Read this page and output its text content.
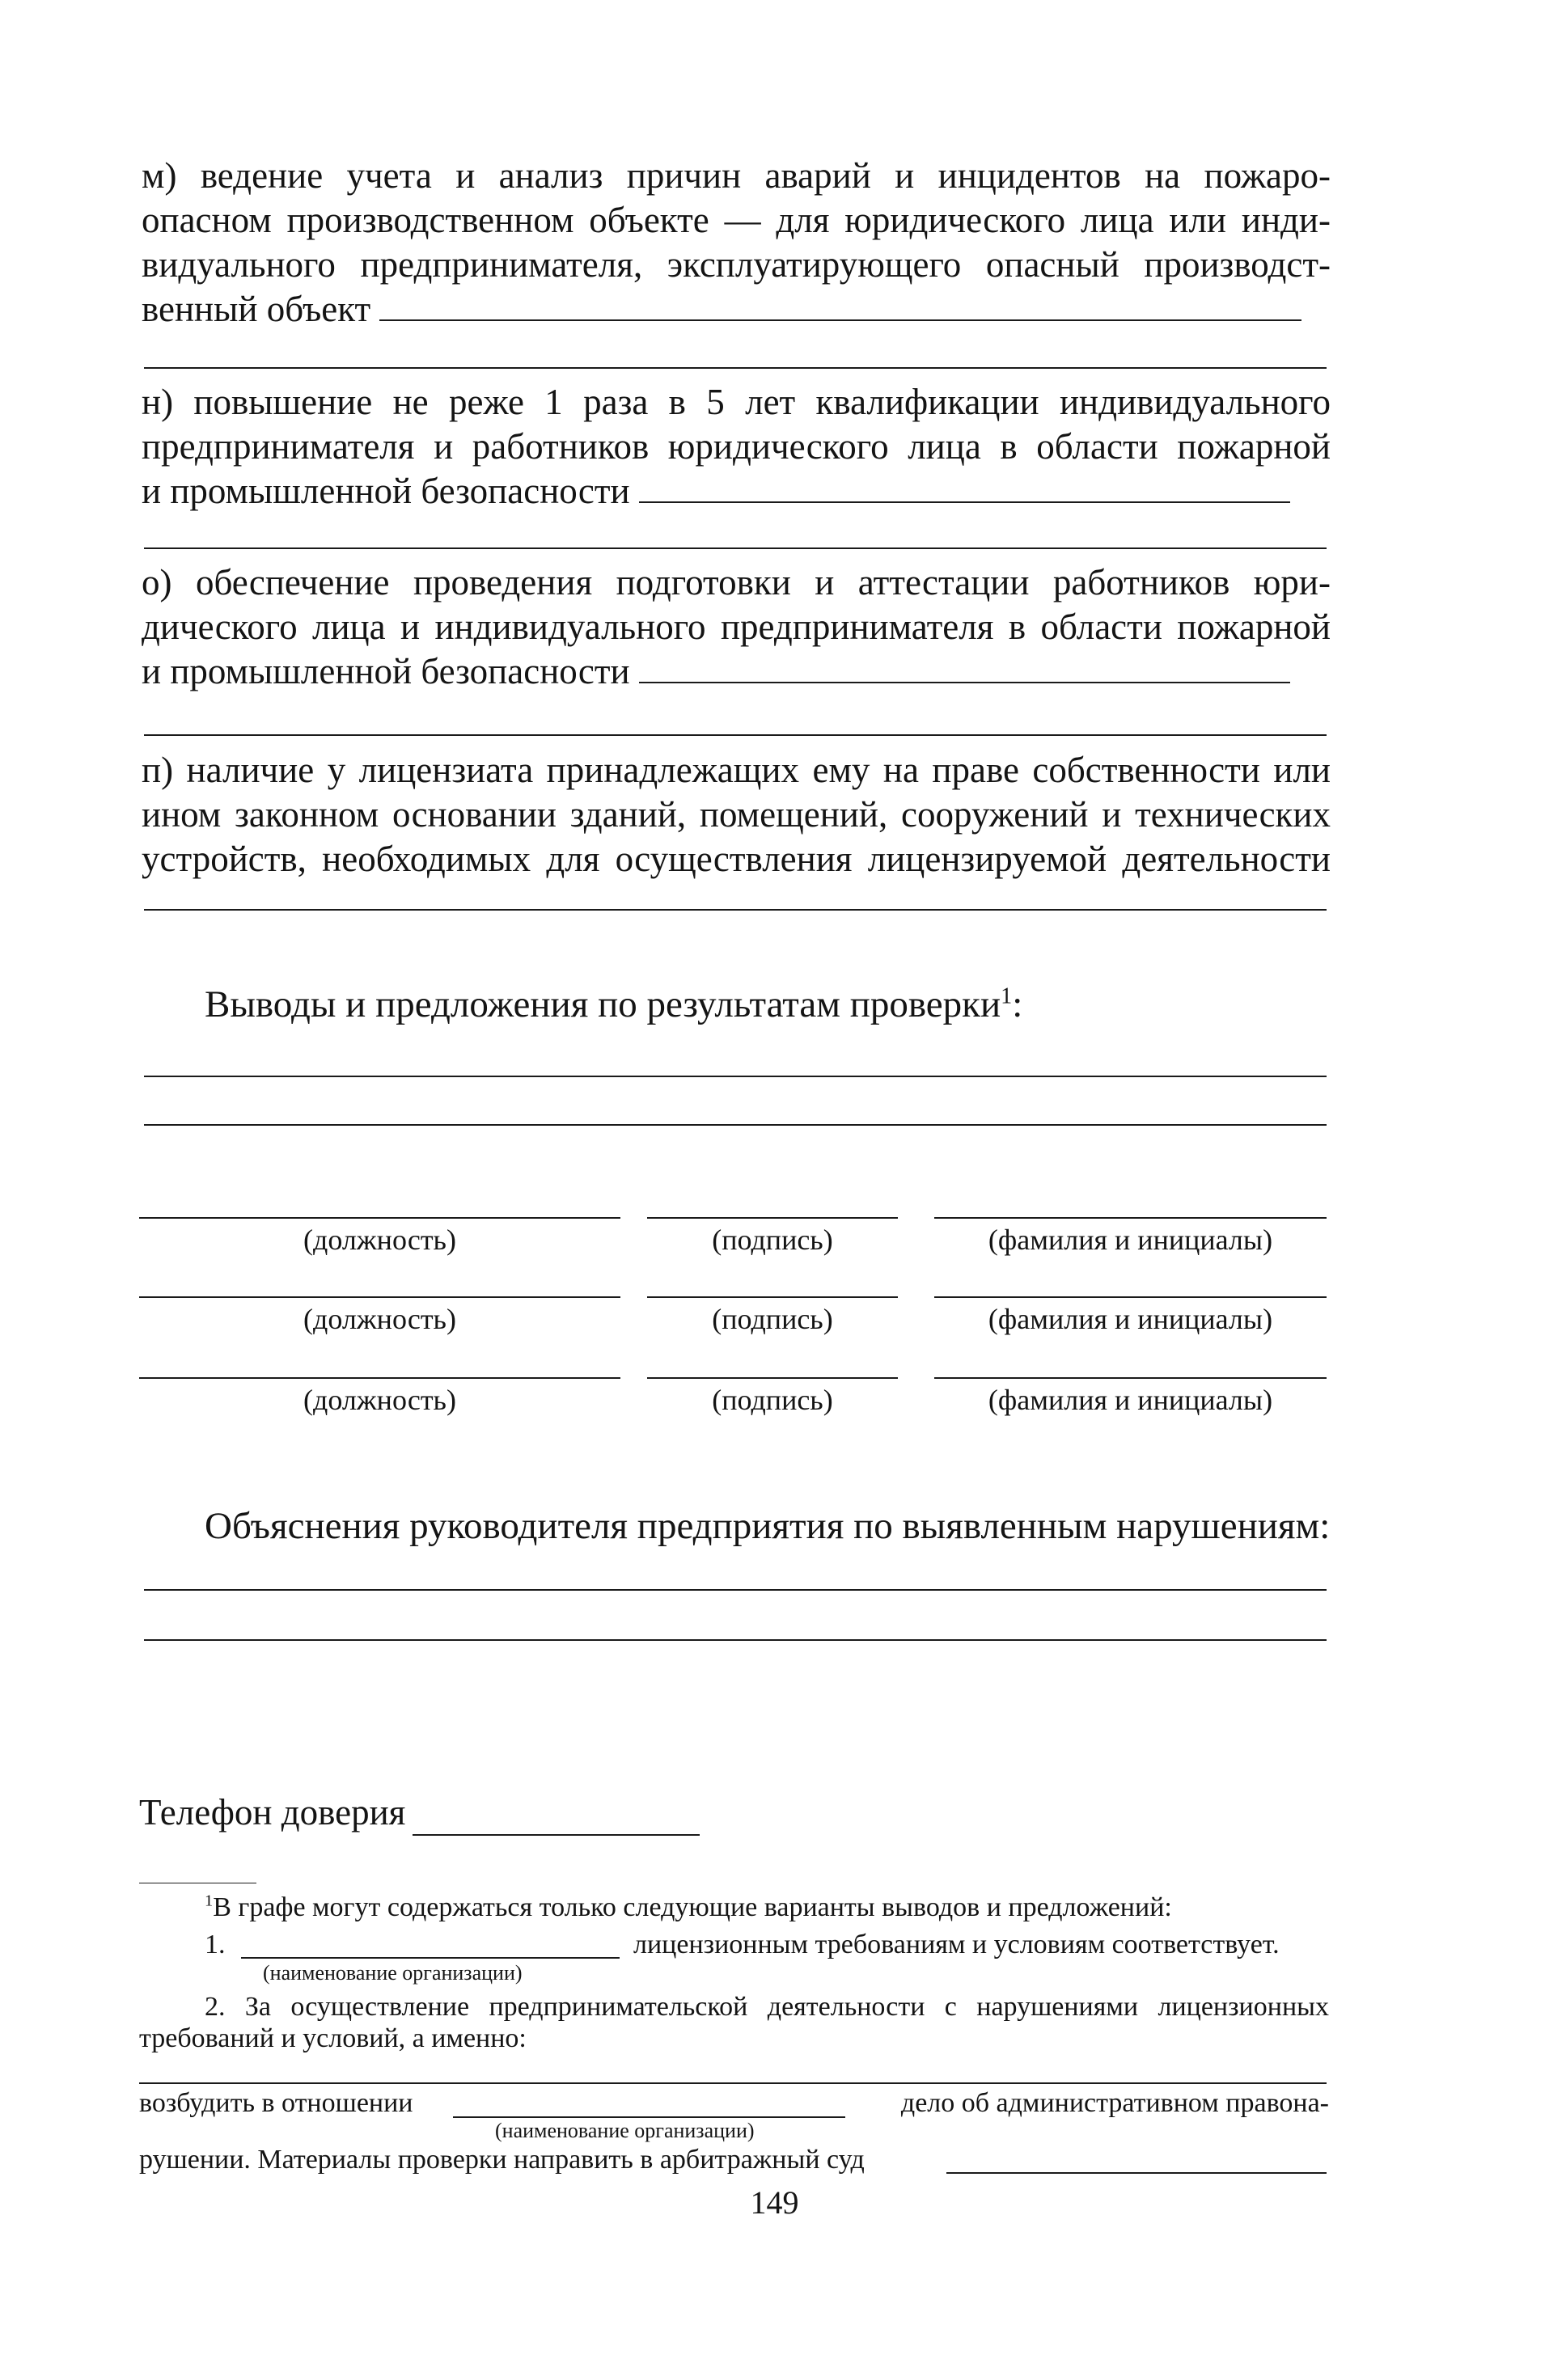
м) ведение учета и анализ причин аварий и инцидентов на пожаро-
опасном производственном объекте — для юридического лица или инди-
видуального предпринимателя, эксплуатирующего опасный производст-
венный объект
н) повышение не реже 1 раза в 5 лет квалификации индивидуального
предпринимателя и работников юридического лица в области пожарной
и промышленной безопасности
о) обеспечение проведения подготовки и аттестации работников юри-
дического лица и индивидуального предпринимателя в области пожарной
и промышленной безопасности
п) наличие у лицензиата принадлежащих ему на праве собственности или
ином законном основании зданий, помещений, сооружений и технических
устройств, необходимых для осуществления лицензируемой деятельности
Выводы и предложения по результатам проверки$^1$:
(должность)	(подпись)	(фамилия и инициалы)
(должность)	(подпись)	(фамилия и инициалы)
(должность)	(подпись)	(фамилия и инициалы)
Объяснения руководителя предприятия по выявленным нарушениям:
Телефон доверия
$^1$В графе могут содержаться только следующие варианты выводов и предложений:
1.	лицензионным требованиям и условиям соответствует.
(наименование организации)
2. За осуществление предпринимательской деятельности с нарушениями лицензионных
требований и условий, а именно:
возбудить в отношении	дело об административном правона-
(наименование организации)
рушении. Материалы проверки направить в арбитражный суд
149
